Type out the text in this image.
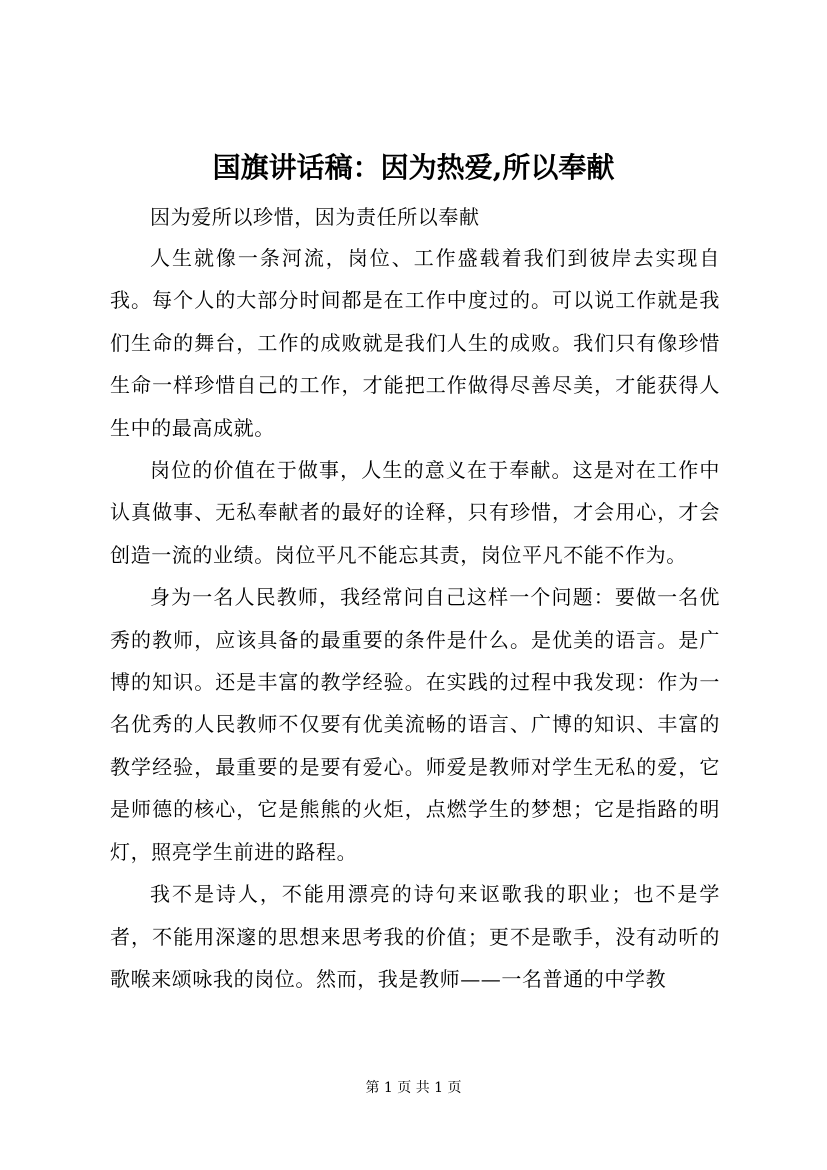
国旗讲话稿：因为热爱,所以奉献

因为爱所以珍惜，因为责任所以奉献

人生就像一条河流，岗位、工作盛载着我们到彼岸去实现自我。每个人的大部分时间都是在工作中度过的。可以说工作就是我们生命的舞台，工作的成败就是我们人生的成败。我们只有像珍惜生命一样珍惜自己的工作，才能把工作做得尽善尽美，才能获得人生中的最高成就。

岗位的价值在于做事，人生的意义在于奉献。这是对在工作中认真做事、无私奉献者的最好的诠释，只有珍惜，才会用心，才会创造一流的业绩。岗位平凡不能忘其责，岗位平凡不能不作为。

身为一名人民教师，我经常问自己这样一个问题：要做一名优秀的教师，应该具备的最重要的条件是什么。是优美的语言。是广博的知识。还是丰富的教学经验。在实践的过程中我发现：作为一名优秀的人民教师不仅要有优美流畅的语言、广博的知识、丰富的教学经验，最重要的是要有爱心。师爱是教师对学生无私的爱，它是师德的核心，它是熊熊的火炬，点燃学生的梦想；它是指路的明灯，照亮学生前进的路程。

我不是诗人，不能用漂亮的诗句来讴歌我的职业；也不是学者，不能用深邃的思想来思考我的价值；更不是歌手，没有动听的歌喉来颂咏我的岗位。然而，我是教师——一名普通的中学教

第 1 页 共 1 页
